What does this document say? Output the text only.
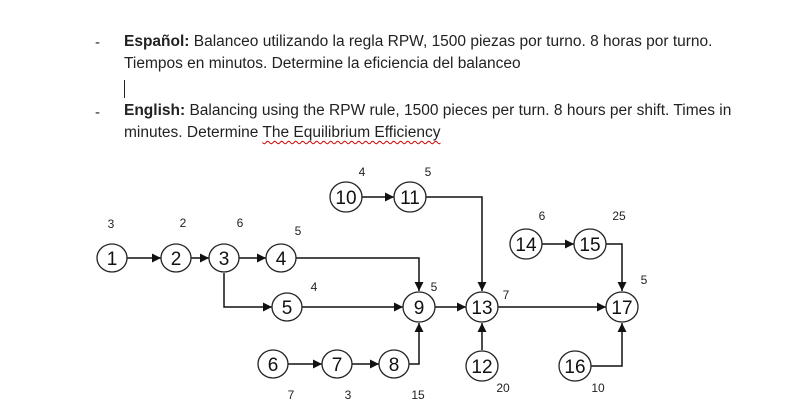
- Español: Balanceo utilizando la regla RPW, 1500 piezas por turno. 8 horas por turno. Tiempos en minutos. Determine la eficiencia del balanceo
- English: Balancing using the RPW rule, 1500 pieces per turn. 8 hours per shift. Times in minutes. Determine The Equilibrium Efficiency
1
3
2
2
3
6
4
5
5
4
6
7
7
3
8
15
9
5
10
4
11
5
12
20
13
7
14
6
15
25
16
10
17
5
